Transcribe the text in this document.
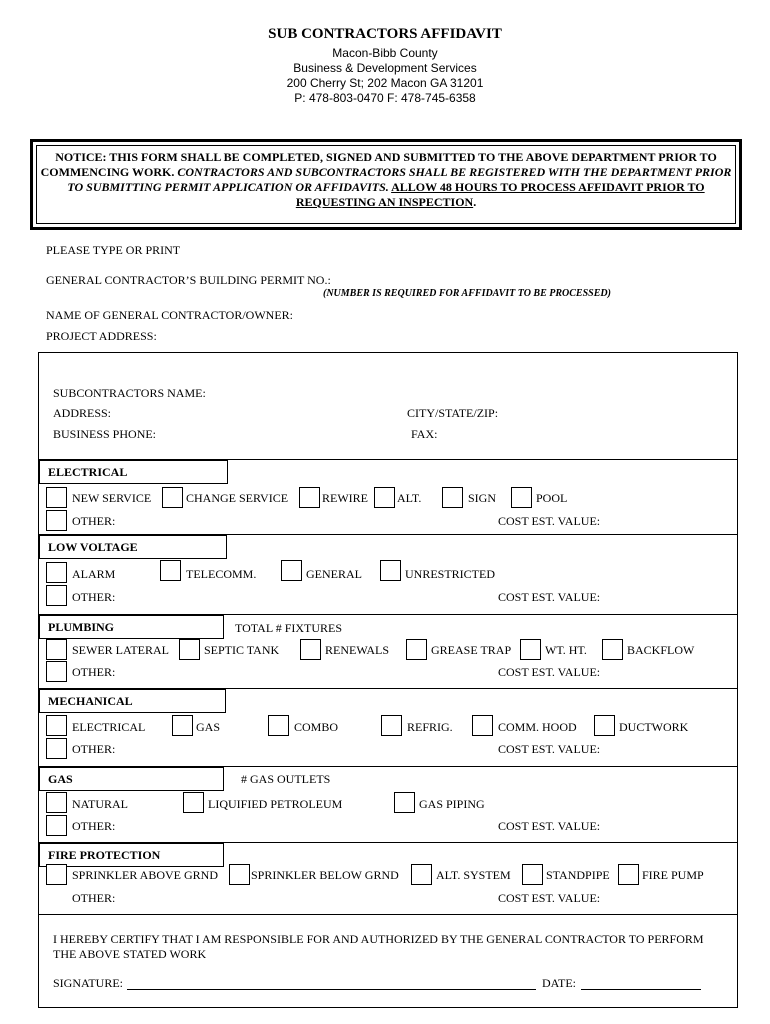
SUB CONTRACTORS AFFIDAVIT
Macon-Bibb County
Business & Development Services
200 Cherry St; 202 Macon GA 31201
P: 478-803-0470 F: 478-745-6358
NOTICE: THIS FORM SHALL BE COMPLETED, SIGNED AND SUBMITTED TO THE ABOVE DEPARTMENT PRIOR TO COMMENCING WORK. CONTRACTORS AND SUBCONTRACTORS SHALL BE REGISTERED WITH THE DEPARTMENT PRIOR TO SUBMITTING PERMIT APPLICATION OR AFFIDAVITS. ALLOW 48 HOURS TO PROCESS AFFIDAVIT PRIOR TO REQUESTING AN INSPECTION.
PLEASE TYPE OR PRINT
GENERAL CONTRACTOR’S BUILDING PERMIT NO.:
(NUMBER IS REQUIRED FOR AFFIDAVIT TO BE PROCESSED)
NAME OF GENERAL CONTRACTOR/OWNER:
PROJECT ADDRESS:
SUBCONTRACTORS NAME:
ADDRESS:	CITY/STATE/ZIP:
BUSINESS PHONE:	FAX:
ELECTRICAL
NEW SERVICE	CHANGE SERVICE	REWIRE ALT.	SIGN	POOL
OTHER:	COST EST. VALUE:
LOW VOLTAGE
ALARM	TELECOMM.	GENERAL	UNRESTRICTED
OTHER:	COST EST. VALUE:
PLUMBING	TOTAL # FIXTURES
SEWER LATERAL	SEPTIC TANK	RENEWALS	GREASE TRAP	WT. HT.	BACKFLOW
OTHER:	COST EST. VALUE:
MECHANICAL
ELECTRICAL	GAS	COMBO	REFRIG.	COMM. HOOD	DUCTWORK
OTHER:	COST EST. VALUE:
GAS	# GAS OUTLETS
NATURAL	LIQUIFIED PETROLEUM	GAS PIPING
OTHER:	COST EST. VALUE:
FIRE PROTECTION
SPRINKLER ABOVE GRND	SPRINKLER BELOW GRND	ALT. SYSTEM	STANDPIPE	FIRE PUMP
OTHER:	COST EST. VALUE:
I HEREBY CERTIFY THAT I AM RESPONSIBLE FOR AND AUTHORIZED BY THE GENERAL CONTRACTOR TO PERFORM THE ABOVE STATED WORK
SIGNATURE:	DATE:
